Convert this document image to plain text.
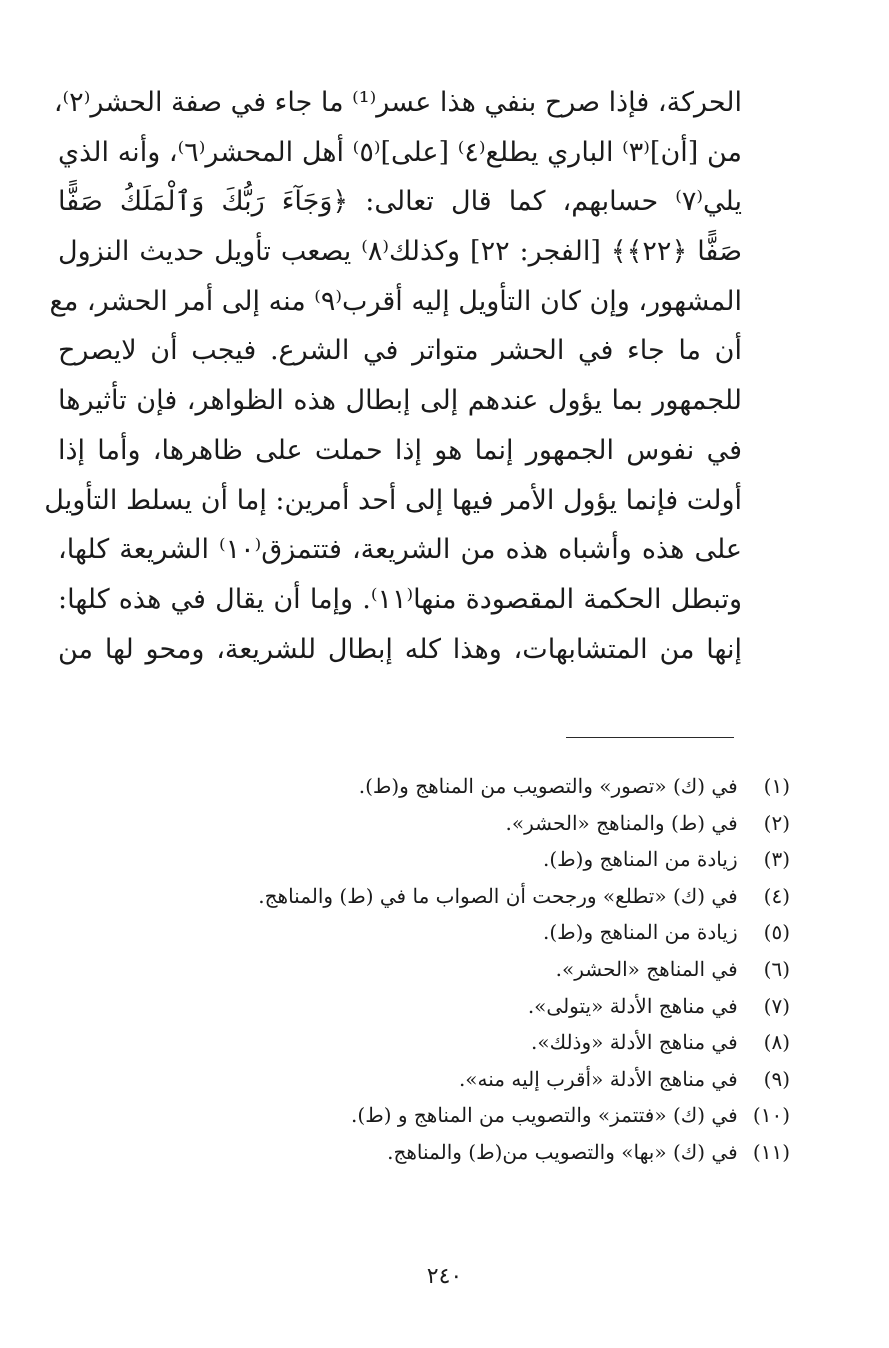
الحركة، فإذا صرح بنفي هذا عسر⁽¹⁾ ما جاء في صفة الحشر⁽٢⁾،
من [أن]⁽٣⁾ الباري يطلع⁽٤⁾ [على]⁽٥⁾ أهل المحشر⁽٦⁾، وأنه الذي
يلي⁽٧⁾ حسابهم، كما قال تعالى: ﴿وَجَآءَ رَبُّكَ وَٱلْمَلَكُ صَفًّا
صَفًّا ﴿٢٢﴾﴾ [الفجر: ٢٢] وكذلك⁽٨⁾ يصعب تأويل حديث النزول
المشهور، وإن كان التأويل إليه أقرب⁽٩⁾ منه إلى أمر الحشر، مع
أن ما جاء في الحشر متواتر في الشرع. فيجب أن لايصرح
للجمهور بما يؤول عندهم إلى إبطال هذه الظواهر، فإن تأثيرها
في نفوس الجمهور إنما هو إذا حملت على ظاهرها، وأما إذا
أولت فإنما يؤول الأمر فيها إلى أحد أمرين: إما أن يسلط التأويل
على هذه وأشباه هذه من الشريعة، فتتمزق⁽١٠⁾ الشريعة كلها،
وتبطل الحكمة المقصودة منها⁽١١⁾. وإما أن يقال في هذه كلها:
إنها من المتشابهات، وهذا كله إبطال للشريعة، ومحو لها من
(١) في (ك) «تصور» والتصويب من المناهج و(ط).
(٢) في (ط) والمناهج «الحشر».
(٣) زيادة من المناهج و(ط).
(٤) في (ك) «تطلع» ورجحت أن الصواب ما في (ط) والمناهج.
(٥) زيادة من المناهج و(ط).
(٦) في المناهج «الحشر».
(٧) في مناهج الأدلة «يتولى».
(٨) في مناهج الأدلة «وذلك».
(٩) في مناهج الأدلة «أقرب إليه منه».
(١٠) في (ك) «فتتمز» والتصويب من المناهج و (ط).
(١١) في (ك) «بها» والتصويب من(ط) والمناهج.
٢٤٠
